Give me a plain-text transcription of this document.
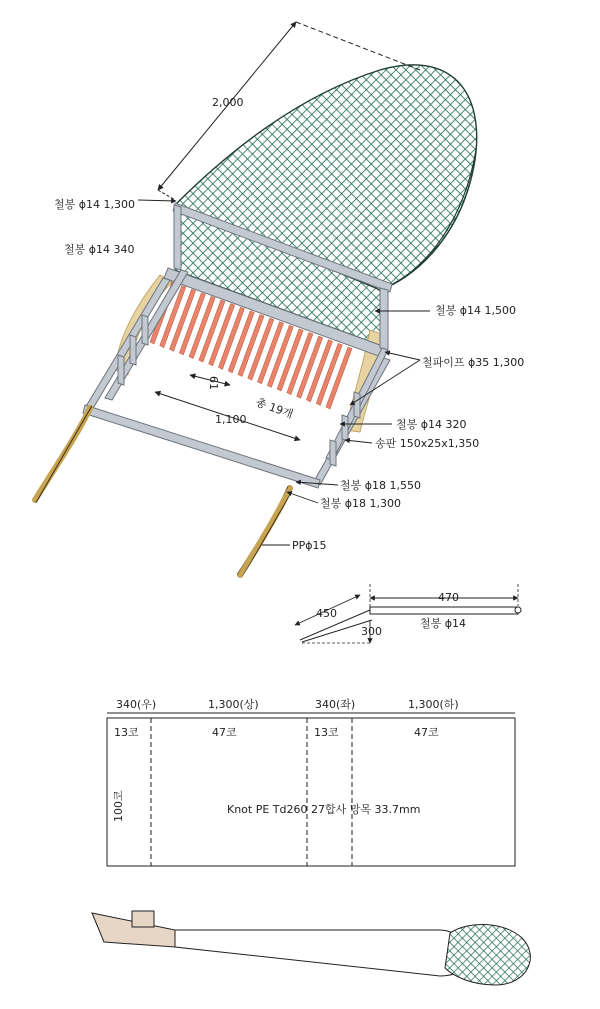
2,000
철봉 ϕ14 1,300
철봉 ϕ14 340
철봉 ϕ14 1,500
철파이프 ϕ35 1,300
61
총 19개
1,100	철봉 ϕ14 320
송판 150x25x1,350
철봉 ϕ18 1,550
철봉 ϕ18 1,300
PPϕ15
450
470
300
철봉 ϕ14
340(우)	1,300(상)	340(좌)	1,300(하)
13코	47코	13코	47코
100코	Knot PE Td260 27합사 망목 33.7mm
